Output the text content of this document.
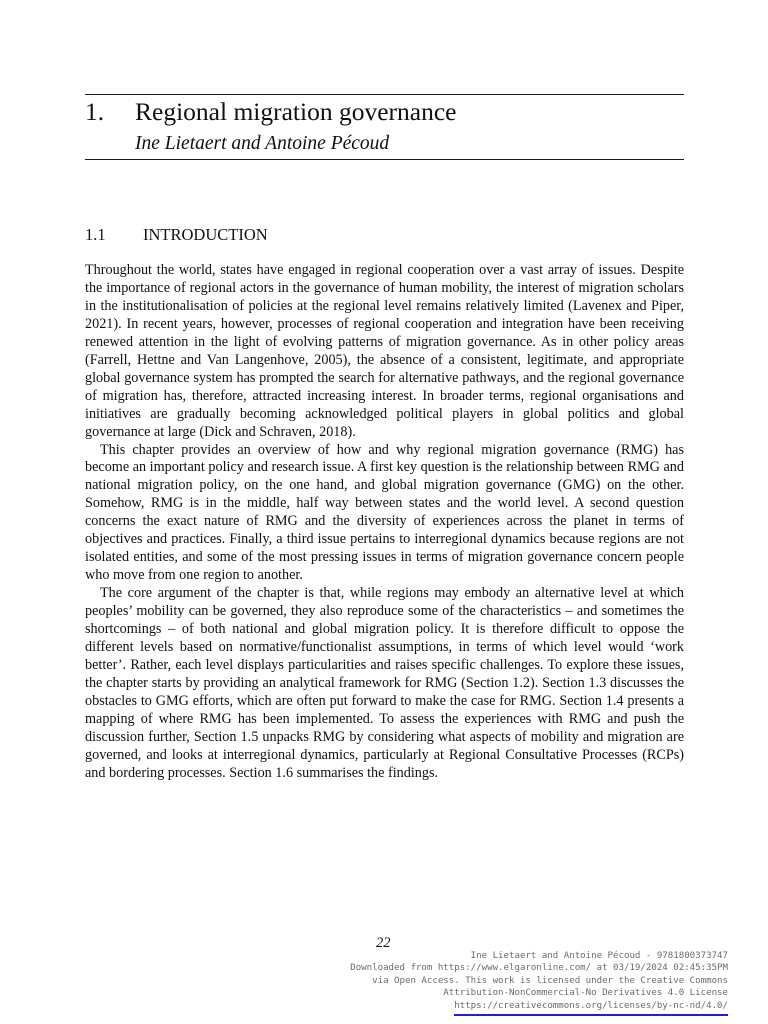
1. Regional migration governance
Ine Lietaert and Antoine Pécoud
1.1 INTRODUCTION

Throughout the world, states have engaged in regional cooperation over a vast array of issues. Despite the importance of regional actors in the governance of human mobility, the interest of migration scholars in the institutionalisation of policies at the regional level remains relatively limited (Lavenex and Piper, 2021). In recent years, however, processes of regional cooperation and integration have been receiving renewed attention in the light of evolving patterns of migration governance. As in other policy areas (Farrell, Hettne and Van Langenhove, 2005), the absence of a consistent, legitimate, and appropriate global governance system has prompted the search for alternative pathways, and the regional governance of migration has, therefore, attracted increasing interest. In broader terms, regional organisations and initiatives are gradually becoming acknowledged political players in global politics and global governance at large (Dick and Schraven, 2018).

This chapter provides an overview of how and why regional migration governance (RMG) has become an important policy and research issue. A first key question is the relationship between RMG and national migration policy, on the one hand, and global migration governance (GMG) on the other. Somehow, RMG is in the middle, half way between states and the world level. A second question concerns the exact nature of RMG and the diversity of experiences across the planet in terms of objectives and practices. Finally, a third issue pertains to interregional dynamics because regions are not isolated entities, and some of the most pressing issues in terms of migration governance concern people who move from one region to another.

The core argument of the chapter is that, while regions may embody an alternative level at which peoples’ mobility can be governed, they also reproduce some of the characteristics – and sometimes the shortcomings – of both national and global migration policy. It is therefore difficult to oppose the different levels based on normative/functionalist assumptions, in terms of which level would ‘work better’. Rather, each level displays particularities and raises specific challenges. To explore these issues, the chapter starts by providing an analytical framework for RMG (Section 1.2). Section 1.3 discusses the obstacles to GMG efforts, which are often put forward to make the case for RMG. Section 1.4 presents a mapping of where RMG has been implemented. To assess the experiences with RMG and push the discussion further, Section 1.5 unpacks RMG by considering what aspects of mobility and migration are governed, and looks at interregional dynamics, particularly at Regional Consultative Processes (RCPs) and bordering processes. Section 1.6 summarises the findings.

22
Ine Lietaert and Antoine Pécoud - 9781800373747
Downloaded from https://www.elgaronline.com/ at 03/19/2024 02:45:35PM
via Open Access. This work is licensed under the Creative Commons
Attribution-NonCommercial-No Derivatives 4.0 License
https://creativecommons.org/licenses/by-nc-nd/4.0/
